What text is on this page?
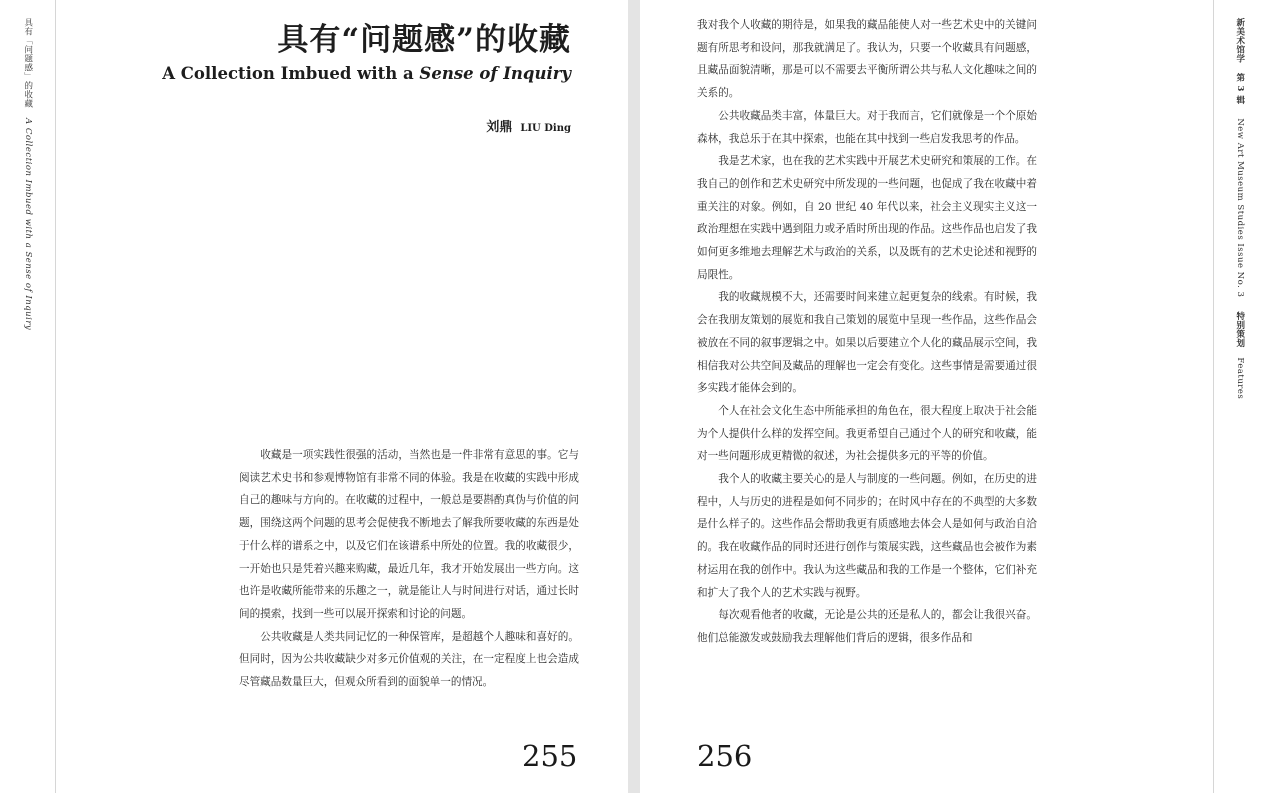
具有「问题感」的收藏A Collection Imbued with a Sense of Inquiry
具有“问题感”的收藏
A Collection Imbued with a Sense of Inquiry
刘鼎 LIU Ding

收藏是一项实践性很强的活动，当然也是一件非常有意思的事。它与阅读艺术史书和参观博物馆有非常不同的体验。我是在收藏的实践中形成自己的趣味与方向的。在收藏的过程中，一般总是要斟酌真伪与价值的问题，围绕这两个问题的思考会促使我不断地去了解我所要收藏的东西是处于什么样的谱系之中，以及它们在该谱系中所处的位置。我的收藏很少，一开始也只是凭着兴趣来购藏，最近几年，我才开始发展出一些方向。这也许是收藏所能带来的乐趣之一，就是能让人与时间进行对话，通过长时间的摸索，找到一些可以展开探索和讨论的问题。

公共收藏是人类共同记忆的一种保管库，是超越个人趣味和喜好的。但同时，因为公共收藏缺少对多元价值观的关注，在一定程度上也会造成尽管藏品数量巨大，但观众所看到的面貌单一的情况。

255

我对我个人收藏的期待是，如果我的藏品能使人对一些艺术史中的关键问题有所思考和设问，那我就满足了。我认为，只要一个收藏具有问题感，且藏品面貌清晰，那是可以不需要去平衡所谓公共与私人文化趣味之间的关系的。

公共收藏品类丰富，体量巨大。对于我而言，它们就像是一个个原始森林，我总乐于在其中探索，也能在其中找到一些启发我思考的作品。

我是艺术家，也在我的艺术实践中开展艺术史研究和策展的工作。在我自己的创作和艺术史研究中所发现的一些问题，也促成了我在收藏中着重关注的对象。例如，自 20 世纪 40 年代以来，社会主义现实主义这一政治理想在实践中遇到阻力或矛盾时所出现的作品。这些作品也启发了我如何更多维地去理解艺术与政治的关系，以及既有的艺术史论述和视野的局限性。

我的收藏规模不大，还需要时间来建立起更复杂的线索。有时候，我会在我朋友策划的展览和我自己策划的展览中呈现一些作品，这些作品会被放在不同的叙事逻辑之中。如果以后要建立个人化的藏品展示空间，我相信我对公共空间及藏品的理解也一定会有变化。这些事情是需要通过很多实践才能体会到的。

个人在社会文化生态中所能承担的角色在，很大程度上取决于社会能为个人提供什么样的发挥空间。我更希望自己通过个人的研究和收藏，能对一些问题形成更精微的叙述，为社会提供多元的平等的价值。

我个人的收藏主要关心的是人与制度的一些问题。例如，在历史的进程中，人与历史的进程是如何不同步的；在时风中存在的不典型的大多数是什么样子的。这些作品会帮助我更有质感地去体会人是如何与政治自洽的。我在收藏作品的同时还进行创作与策展实践，这些藏品也会被作为素材运用在我的创作中。我认为这些藏品和我的工作是一个整体，它们补充和扩大了我个人的艺术实践与视野。

每次观看他者的收藏，无论是公共的还是私人的，都会让我很兴奋。他们总能激发或鼓励我去理解他们背后的逻辑，很多作品和

256
新美术馆学第 3 辑New Art Museum Studies Issue No. 3特别策划Features
